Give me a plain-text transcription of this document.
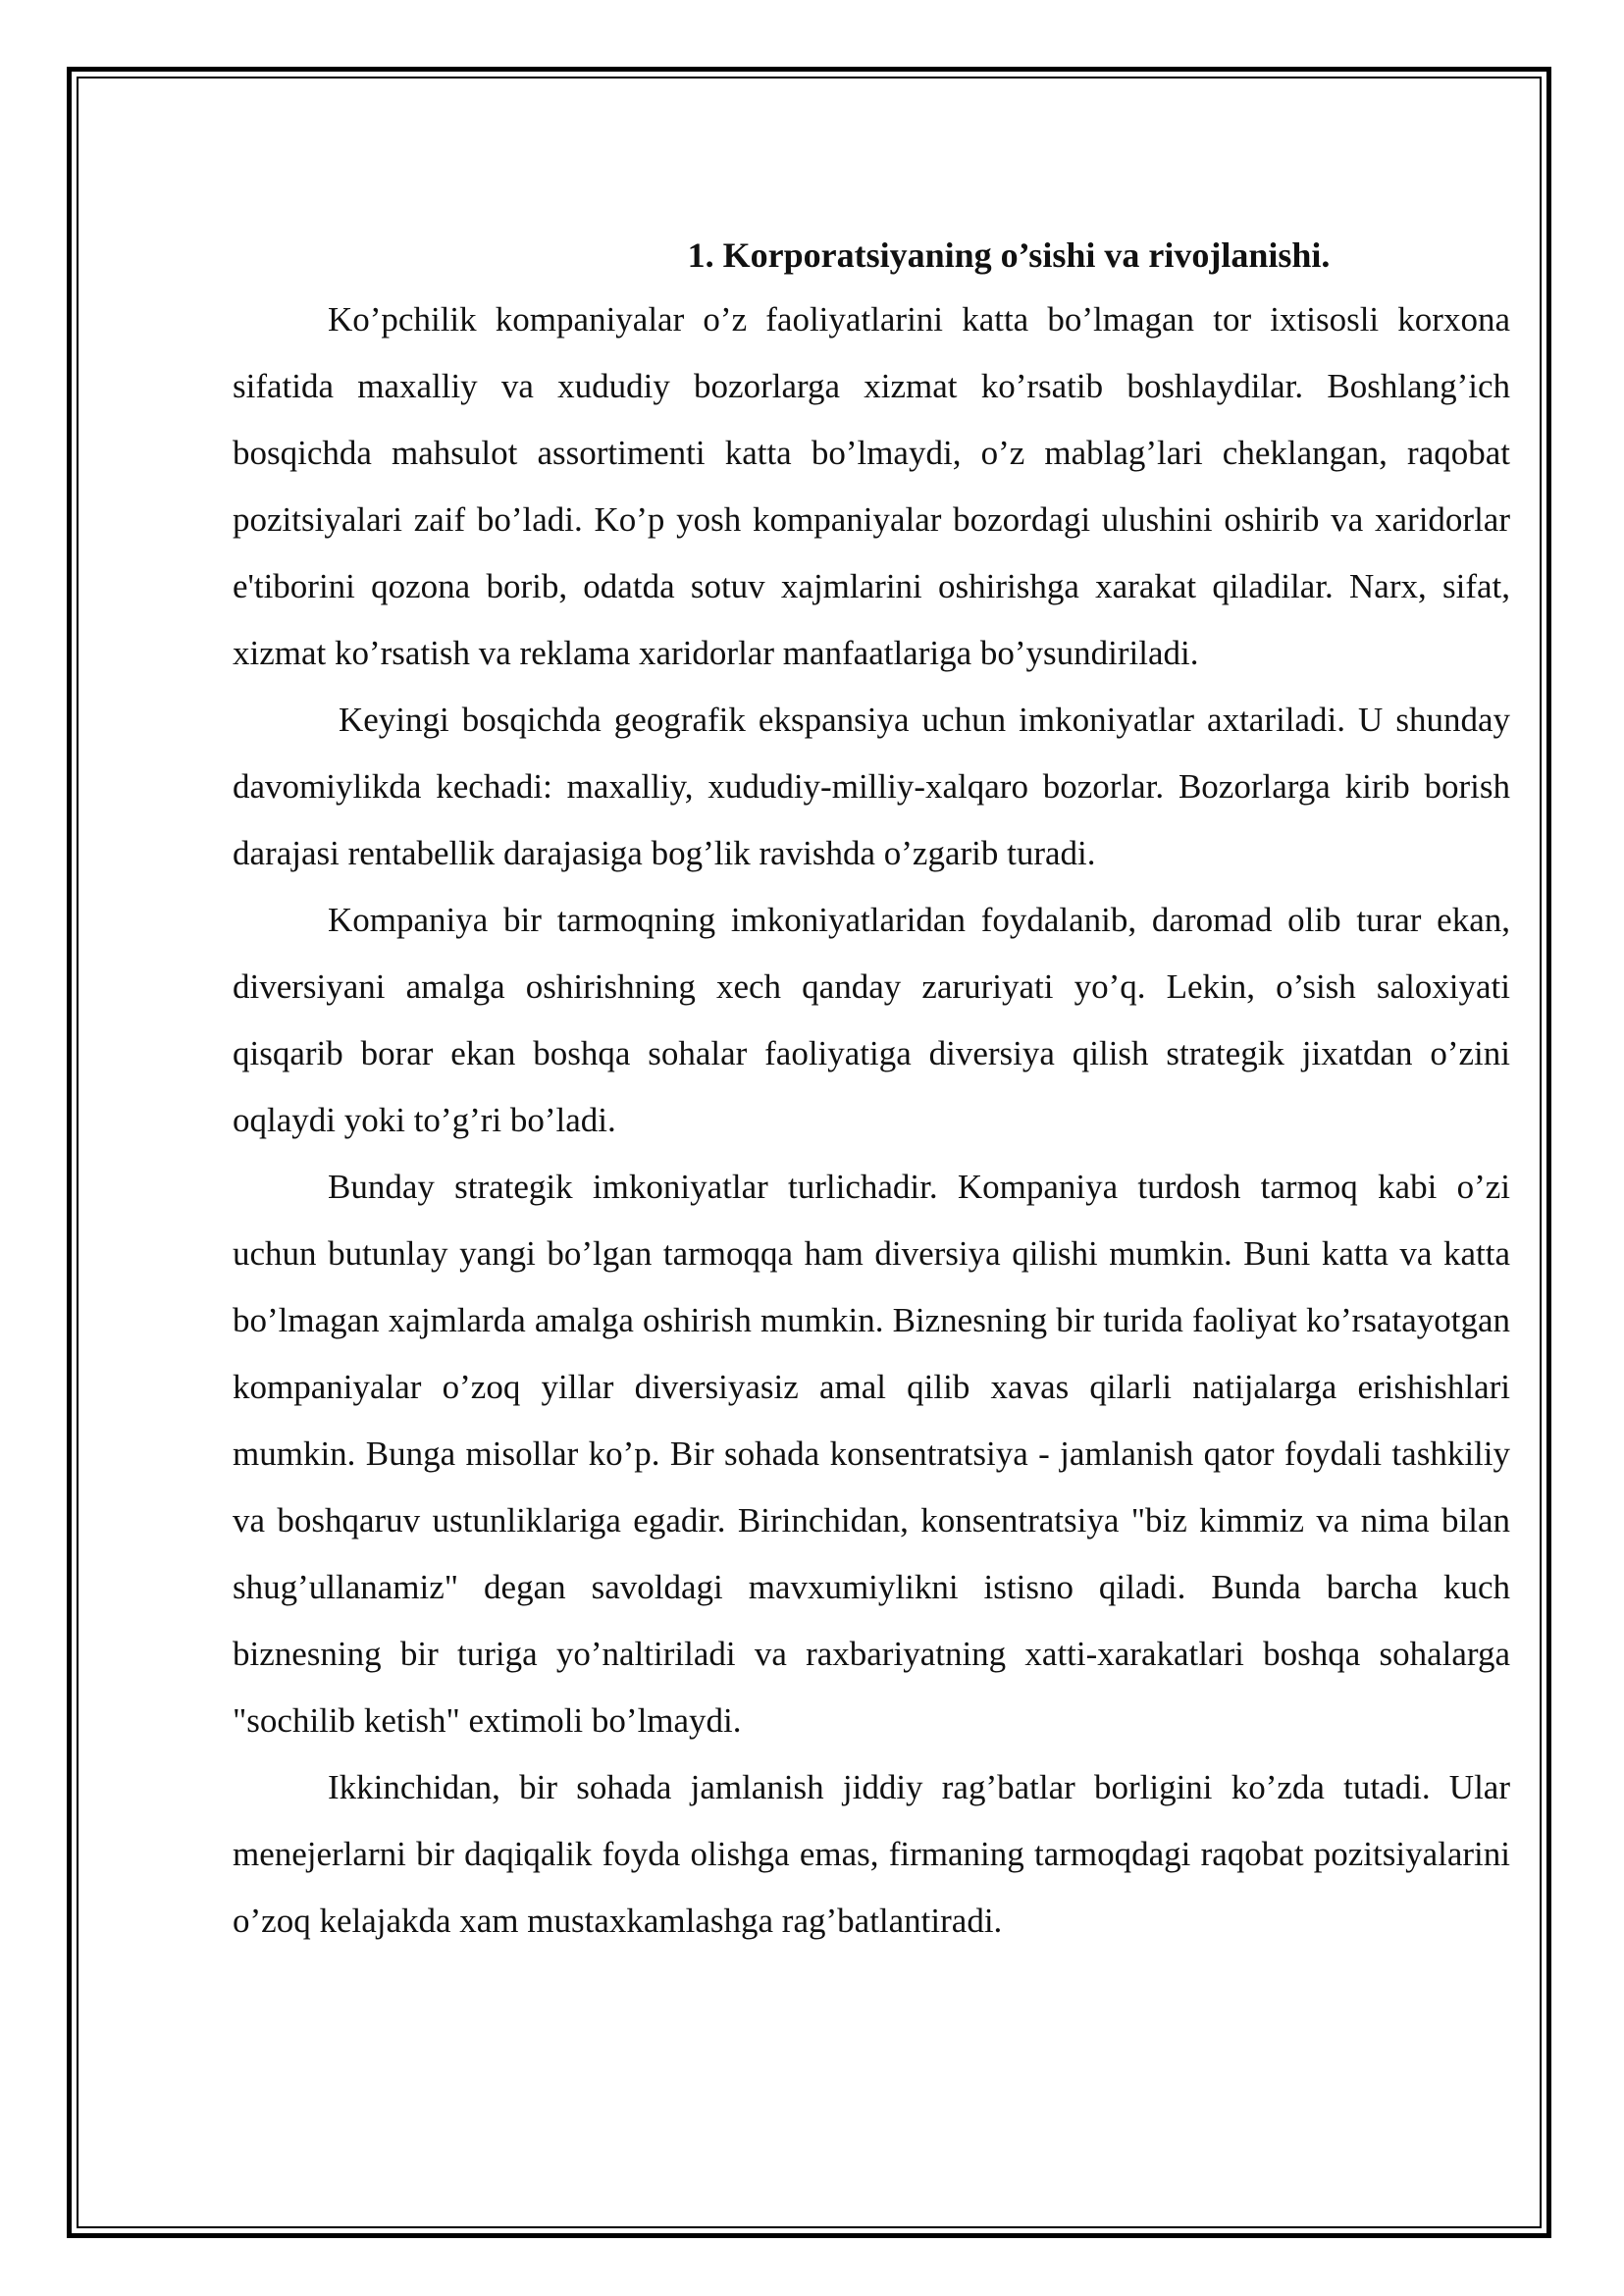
1. Korporatsiyaning o’sishi va rivojlanishi.

Ko’pchilik kompaniyalar o’z faoliyatlarini katta bo’lmagan tor ixtisosli korxona sifatida maxalliy va xududiy bozorlarga xizmat ko’rsatib boshlaydilar. Boshlang’ich bosqichda mahsulot assortimenti katta bo’lmaydi, o’z mablag’lari cheklangan, raqobat pozitsiyalari zaif bo’ladi. Ko’p yosh kompaniyalar bozordagi ulushini oshirib va xaridorlar e'tiborini qozona borib, odatda sotuv xajmlarini oshirishga xarakat qiladilar. Narx, sifat, xizmat ko’rsatish va reklama xaridorlar manfaatlariga bo’ysundiriladi.

Keyingi bosqichda geografik ekspansiya uchun imkoniyatlar axtariladi. U shunday davomiylikda kechadi: maxalliy, xududiy-milliy-xalqaro bozorlar. Bozorlarga kirib borish darajasi rentabellik darajasiga bog’lik ravishda o’zgarib turadi.

Kompaniya bir tarmoqning imkoniyatlaridan foydalanib, daromad olib turar ekan, diversiyani amalga oshirishning xech qanday zaruriyati yo’q. Lekin, o’sish saloxiyati qisqarib borar ekan boshqa sohalar faoliyatiga diversiya qilish strategik jixatdan o’zini oqlaydi yoki to’g’ri bo’ladi.

Bunday strategik imkoniyatlar turlichadir. Kompaniya turdosh tarmoq kabi o’zi uchun butunlay yangi bo’lgan tarmoqqa ham diversiya qilishi mumkin. Buni katta va katta bo’lmagan xajmlarda amalga oshirish mumkin. Biznesning bir turida faoliyat ko’rsatayotgan kompaniyalar o’zoq yillar diversiyasiz amal qilib xavas qilarli natijalarga erishishlari mumkin. Bunga misollar ko’p. Bir sohada konsentratsiya - jamlanish qator foydali tashkiliy va boshqaruv ustunliklariga egadir. Birinchidan, konsentratsiya "biz kimmiz va nima bilan shug’ullanamiz" degan savoldagi mavxumiylikni istisno qiladi. Bunda barcha kuch biznesning bir turiga yo’naltiriladi va raxbariyatning xatti-xarakatlari boshqa sohalarga "sochilib ketish" extimoli bo’lmaydi.

Ikkinchidan, bir sohada jamlanish jiddiy rag’batlar borligini ko’zda tutadi. Ular menejerlarni bir daqiqalik foyda olishga emas, firmaning tarmoqdagi raqobat pozitsiyalarini o’zoq kelajakda xam mustaxkamlashga rag’batlantiradi.
